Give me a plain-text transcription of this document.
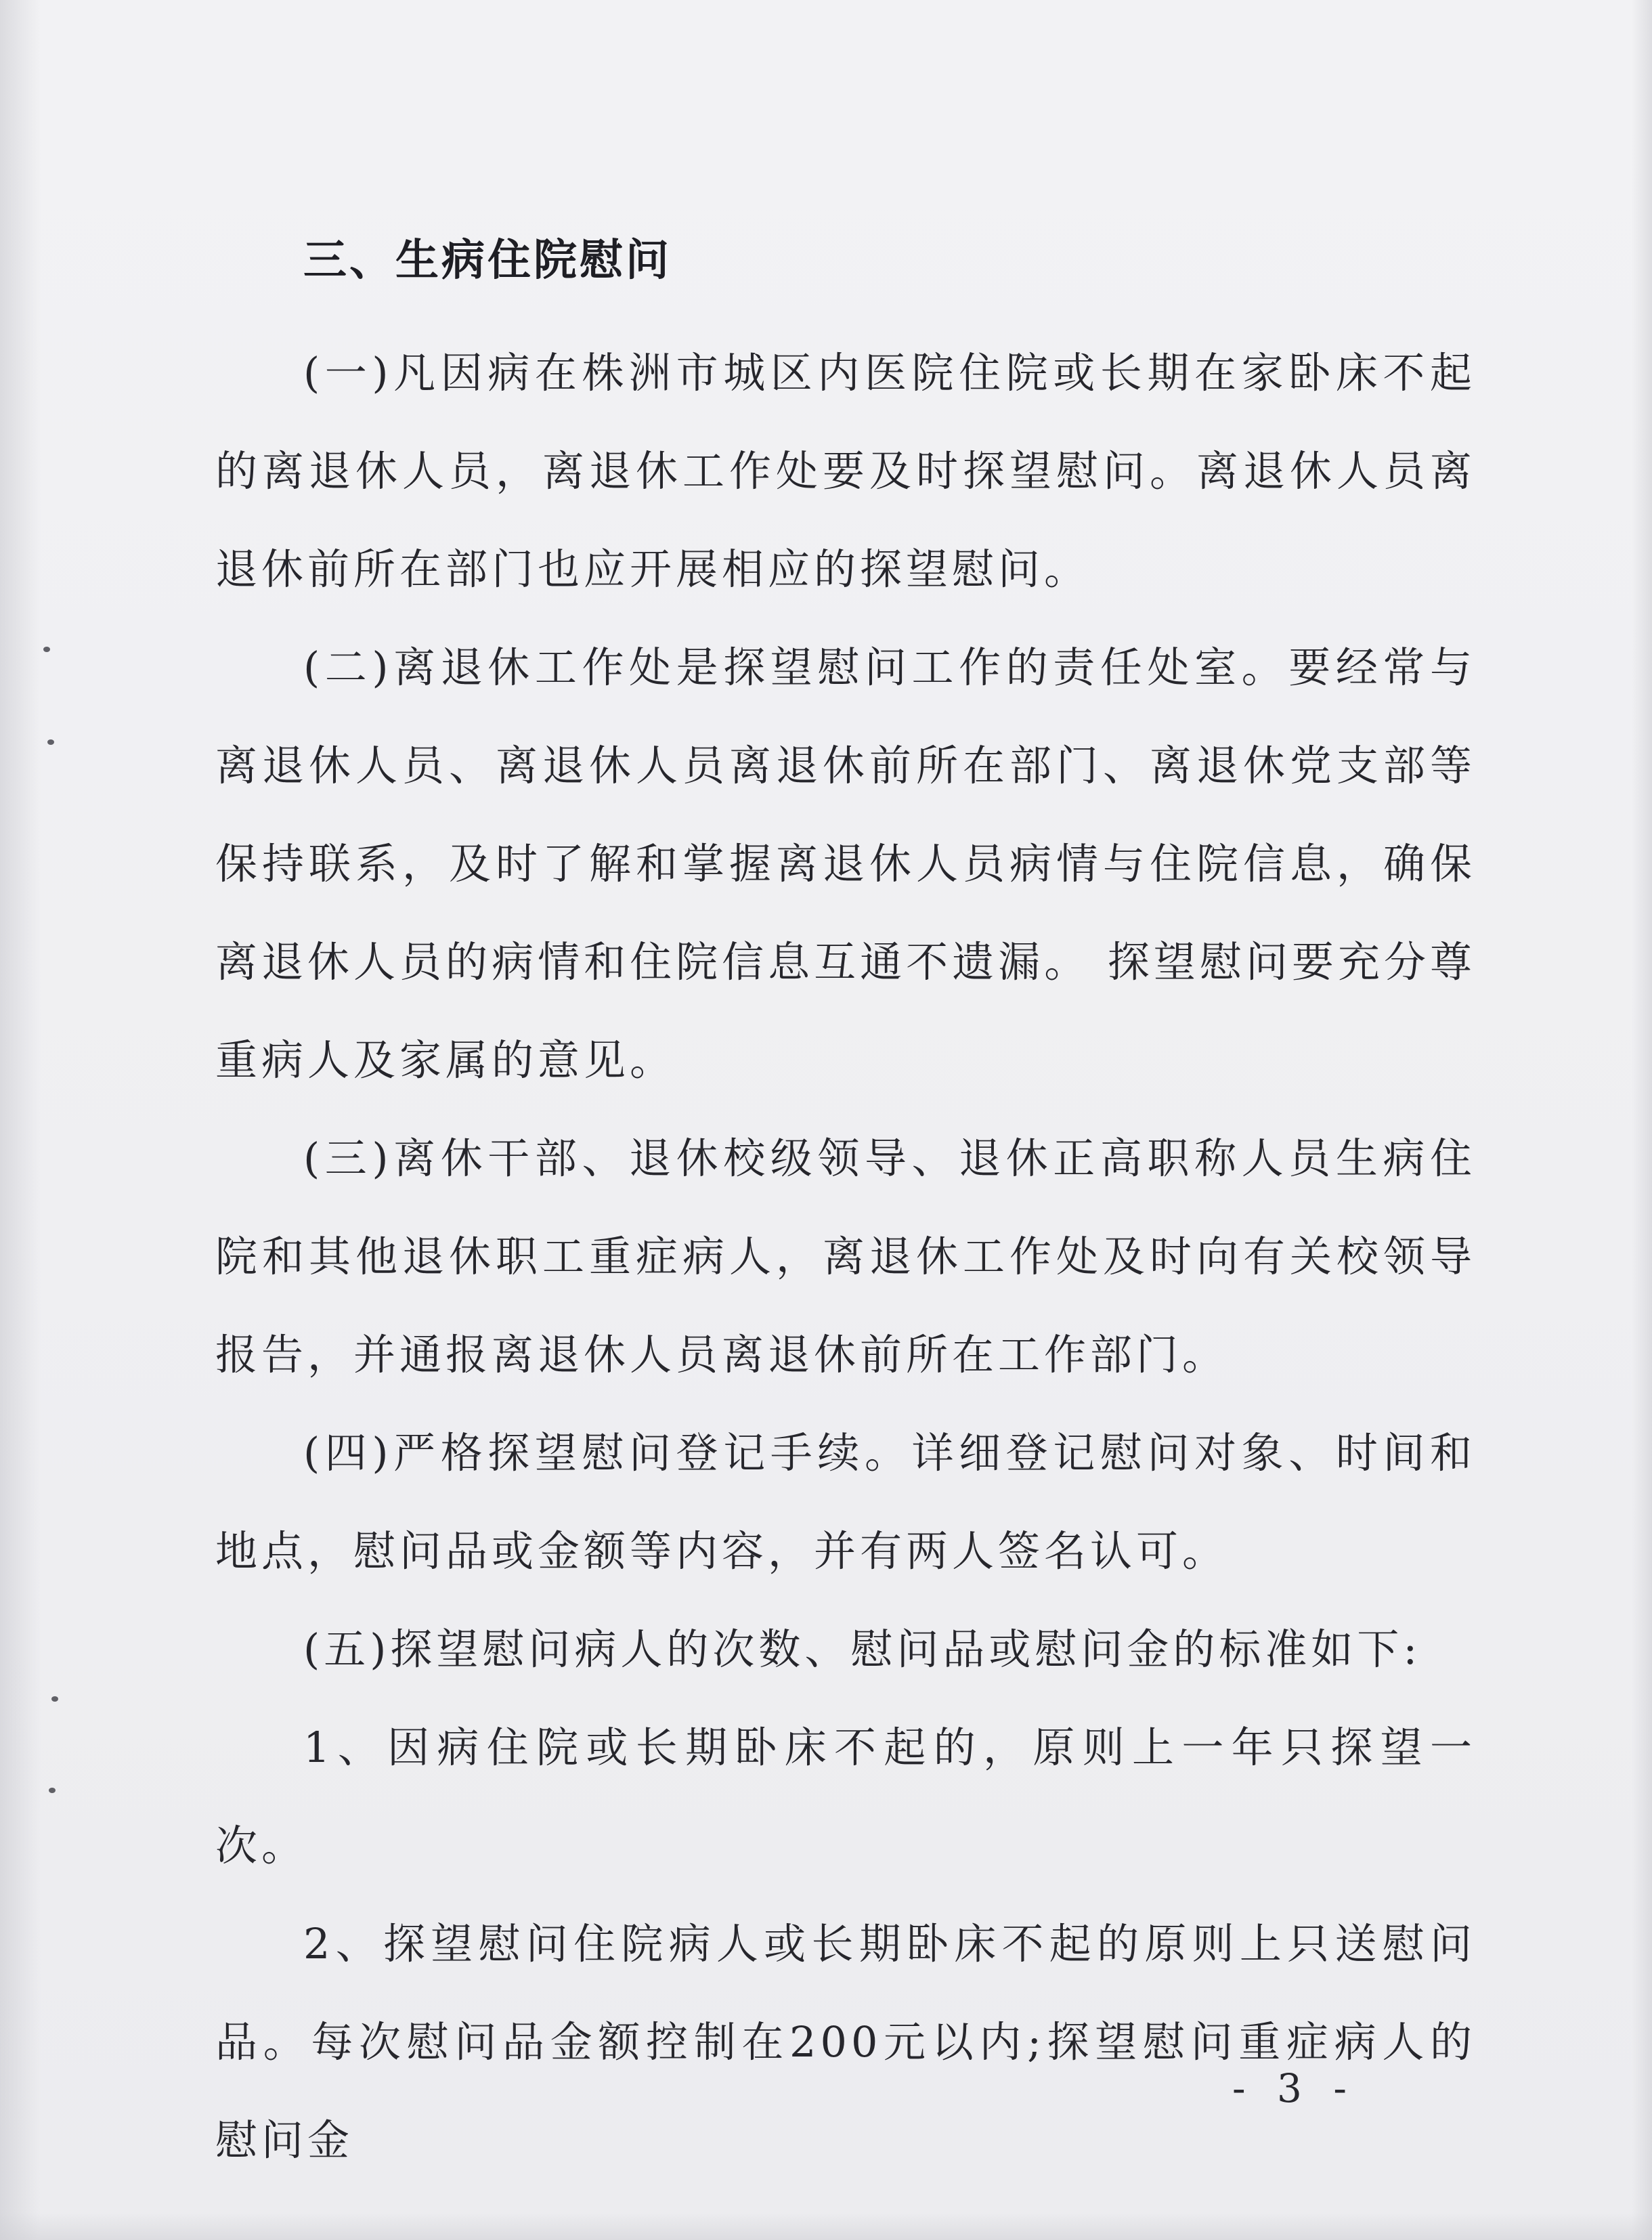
三、生病住院慰问

(一)凡因病在株洲市城区内医院住院或长期在家卧床不起的离退休人员，离退休工作处要及时探望慰问。离退休人员离退休前所在部门也应开展相应的探望慰问。

(二)离退休工作处是探望慰问工作的责任处室。要经常与离退休人员、离退休人员离退休前所在部门、离退休党支部等保持联系，及时了解和掌握离退休人员病情与住院信息，确保离退休人员的病情和住院信息互通不遗漏。 探望慰问要充分尊重病人及家属的意见。

(三)离休干部、退休校级领导、退休正高职称人员生病住院和其他退休职工重症病人，离退休工作处及时向有关校领导报告，并通报离退休人员离退休前所在工作部门。

(四)严格探望慰问登记手续。详细登记慰问对象、时间和地点，慰问品或金额等内容，并有两人签名认可。

(五)探望慰问病人的次数、慰问品或慰问金的标准如下:

1、因病住院或长期卧床不起的，原则上一年只探望一次。

2、探望慰问住院病人或长期卧床不起的原则上只送慰问品。每次慰问品金额控制在200元以内;探望慰问重症病人的慰问金

- 3 -
